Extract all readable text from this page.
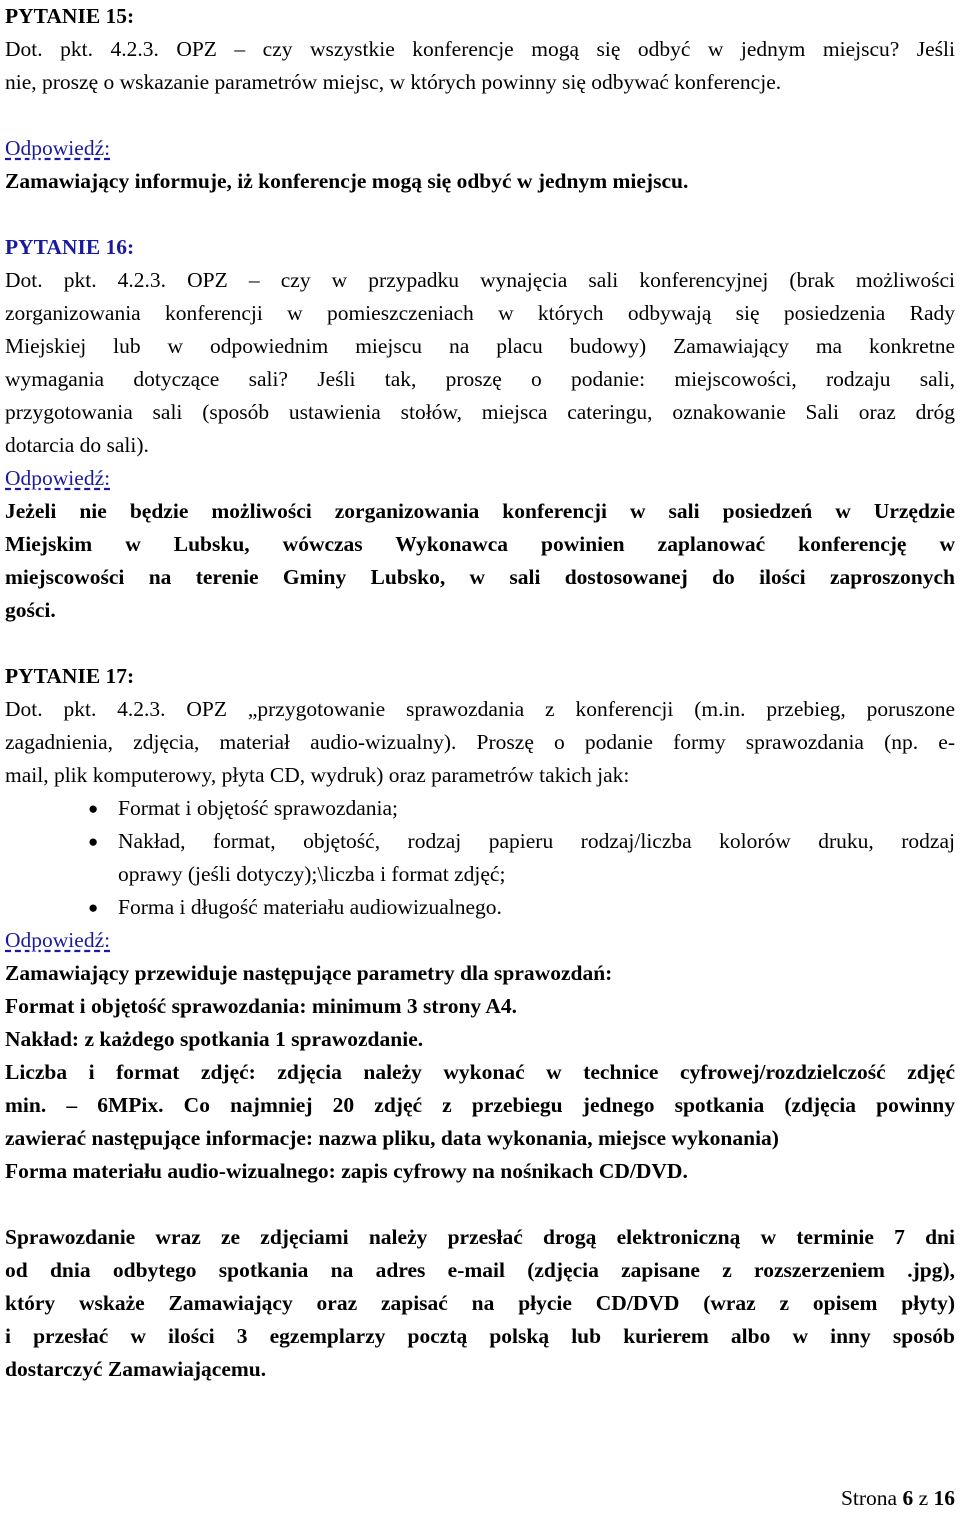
PYTANIE 15:
Dot. pkt. 4.2.3. OPZ – czy wszystkie konferencje mogą się odbyć w jednym miejscu? Jeśli
nie, proszę o wskazanie parametrów miejsc, w których powinny się odbywać konferencje.
Odpowiedź:
Zamawiający informuje, iż konferencje mogą się odbyć w jednym miejscu.
PYTANIE 16:
Dot. pkt. 4.2.3. OPZ – czy w przypadku wynajęcia sali konferencyjnej (brak możliwości
zorganizowania konferencji w pomieszczeniach w których odbywają się posiedzenia Rady
Miejskiej lub w odpowiednim miejscu na placu budowy) Zamawiający ma konkretne
wymagania dotyczące sali? Jeśli tak, proszę o podanie: miejscowości, rodzaju sali,
przygotowania sali (sposób ustawienia stołów, miejsca cateringu, oznakowanie Sali oraz dróg
dotarcia do sali).
Odpowiedź:
Jeżeli nie będzie możliwości zorganizowania konferencji w sali posiedzeń w Urzędzie
Miejskim w Lubsku, wówczas Wykonawca powinien zaplanować konferencję w
miejscowości na terenie Gminy Lubsko, w sali dostosowanej do ilości zaproszonych
gości.
PYTANIE 17:
Dot. pkt. 4.2.3. OPZ „przygotowanie sprawozdania z konferencji (m.in. przebieg, poruszone
zagadnienia, zdjęcia, materiał audio-wizualny). Proszę o podanie formy sprawozdania (np. e-
mail, plik komputerowy, płyta CD, wydruk) oraz parametrów takich jak:
● Format i objętość sprawozdania;
● Nakład, format, objętość, rodzaj papieru rodzaj/liczba kolorów druku, rodzaj
oprawy (jeśli dotyczy);\liczba i format zdjęć;
● Forma i długość materiału audiowizualnego.
Odpowiedź:
Zamawiający przewiduje następujące parametry dla sprawozdań:
Format i objętość sprawozdania: minimum 3 strony A4.
Nakład: z każdego spotkania 1 sprawozdanie.
Liczba i format zdjęć: zdjęcia należy wykonać w technice cyfrowej/rozdzielczość zdjęć
min. – 6MPix. Co najmniej 20 zdjęć z przebiegu jednego spotkania (zdjęcia powinny
zawierać następujące informacje: nazwa pliku, data wykonania, miejsce wykonania)
Forma materiału audio-wizualnego: zapis cyfrowy na nośnikach CD/DVD.
Sprawozdanie wraz ze zdjęciami należy przesłać drogą elektroniczną w terminie 7 dni
od dnia odbytego spotkania na adres e-mail (zdjęcia zapisane z rozszerzeniem .jpg),
który wskaże Zamawiający oraz zapisać na płycie CD/DVD (wraz z opisem płyty)
i przesłać w ilości 3 egzemplarzy pocztą polską lub kurierem albo w inny sposób
dostarczyć Zamawiającemu.
Strona 6 z 16
